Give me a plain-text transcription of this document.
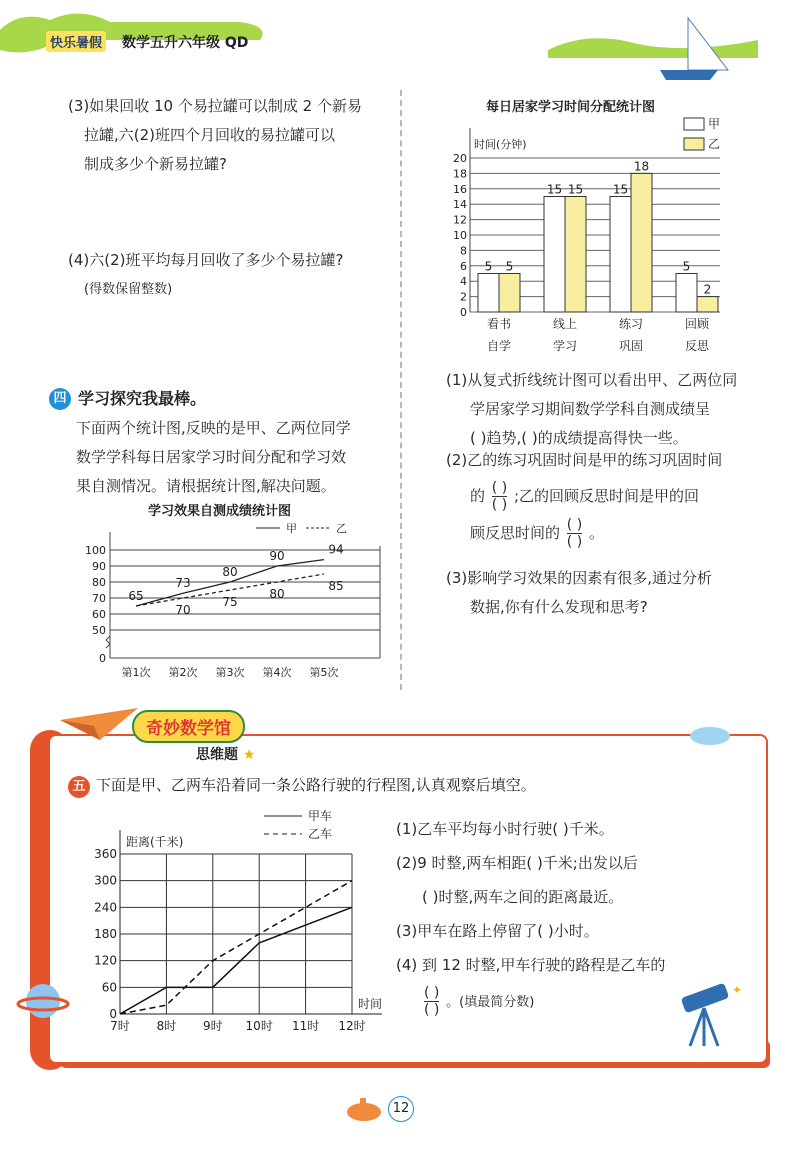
快乐暑假 数学五升六年级 QD
(3)如果回收 10 个易拉罐可以制成 2 个新易
拉罐,六(2)班四个月回收的易拉罐可以
制成多少个新易拉罐?
(4)六(2)班平均每月回收了多少个易拉罐?
(得数保留整数)
四 学习探究我最棒。
下面两个统计图,反映的是甲、乙两位同学
数学学科每日居家学习时间分配和学习效
果自测情况。请根据统计图,解决问题。
学习效果自测成绩统计图
0
50
60
70
80
90
100
第1次 第2次 第3次 第4次 第5次
甲	乙
65
73
80
90	94
70
75
80
85
每日居家学习时间分配统计图
0
2
4
6
8
10
12
14
16
18
20
时间(分钟)
甲
乙
5 5
看书
自学
15 15
线上
学习
15
18
练习
巩固
5
2
回顾
反思
(1)从复式折线统计图可以看出甲、乙两位同
学居家学习期间数学学科自测成绩呈
( )趋势,( )的成绩提高得快一些。
(2)乙的练习巩固时间是甲的练习巩固时间
的 $\frac{( )}{( )}$ ;乙的回顾反思时间是甲的回
顾反思时间的 $\frac{( )}{( )}$ 。
(3)影响学习效果的因素有很多,通过分析
数据,你有什么发现和思考?
奇妙数学馆
思维题 ★
五 下面是甲、乙两车沿着同一条公路行驶的行程图,认真观察后填空。
0
60
120
180
240
300
360
7时 8时 9时 10时 11时 12时
距离(千米)
时间
甲车
乙车	(1)乙车平均每小时行驶( )千米。
(2)9 时整,两车相距( )千米;出发以后
( )时整,两车之间的距离最近。
(3)甲车在路上停留了( )小时。
(4) 到 12 时整,甲车行驶的路程是乙车的
$\frac{( )}{( )}$ 。(填最简分数)
✦
12
